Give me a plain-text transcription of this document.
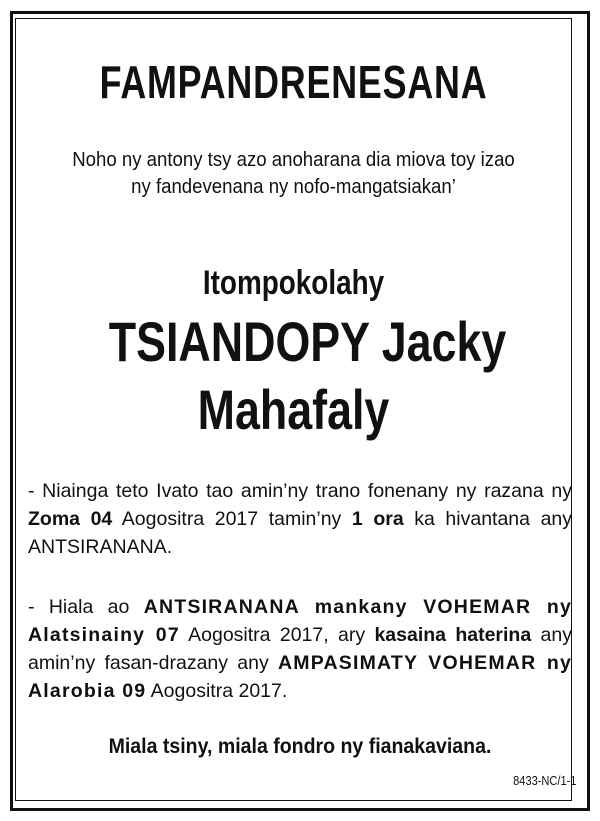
FAMPANDRENESANA
Noho ny antony tsy azo anoharana dia miova toy izao
ny fandevenana ny nofo-mangatsiakan’
Itompokolahy
TSIANDOPY Jacky
Mahafaly
- Niainga teto Ivato tao amin’ny trano fonenany ny razana ny Zoma 04 Aogositra 2017 tamin’ny 1 ora ka hivantana any ANTSIRANANA.
- Hiala ao ANTSIRANANA mankany VOHEMAR ny Alatsinainy 07 Aogositra 2017, ary kasaina haterina any amin’ny fasan-drazany any AMPASIMATY VOHEMAR ny Alarobia 09 Aogositra 2017.
Miala tsiny, miala fondro ny fianakaviana.
8433-NC/1-1
